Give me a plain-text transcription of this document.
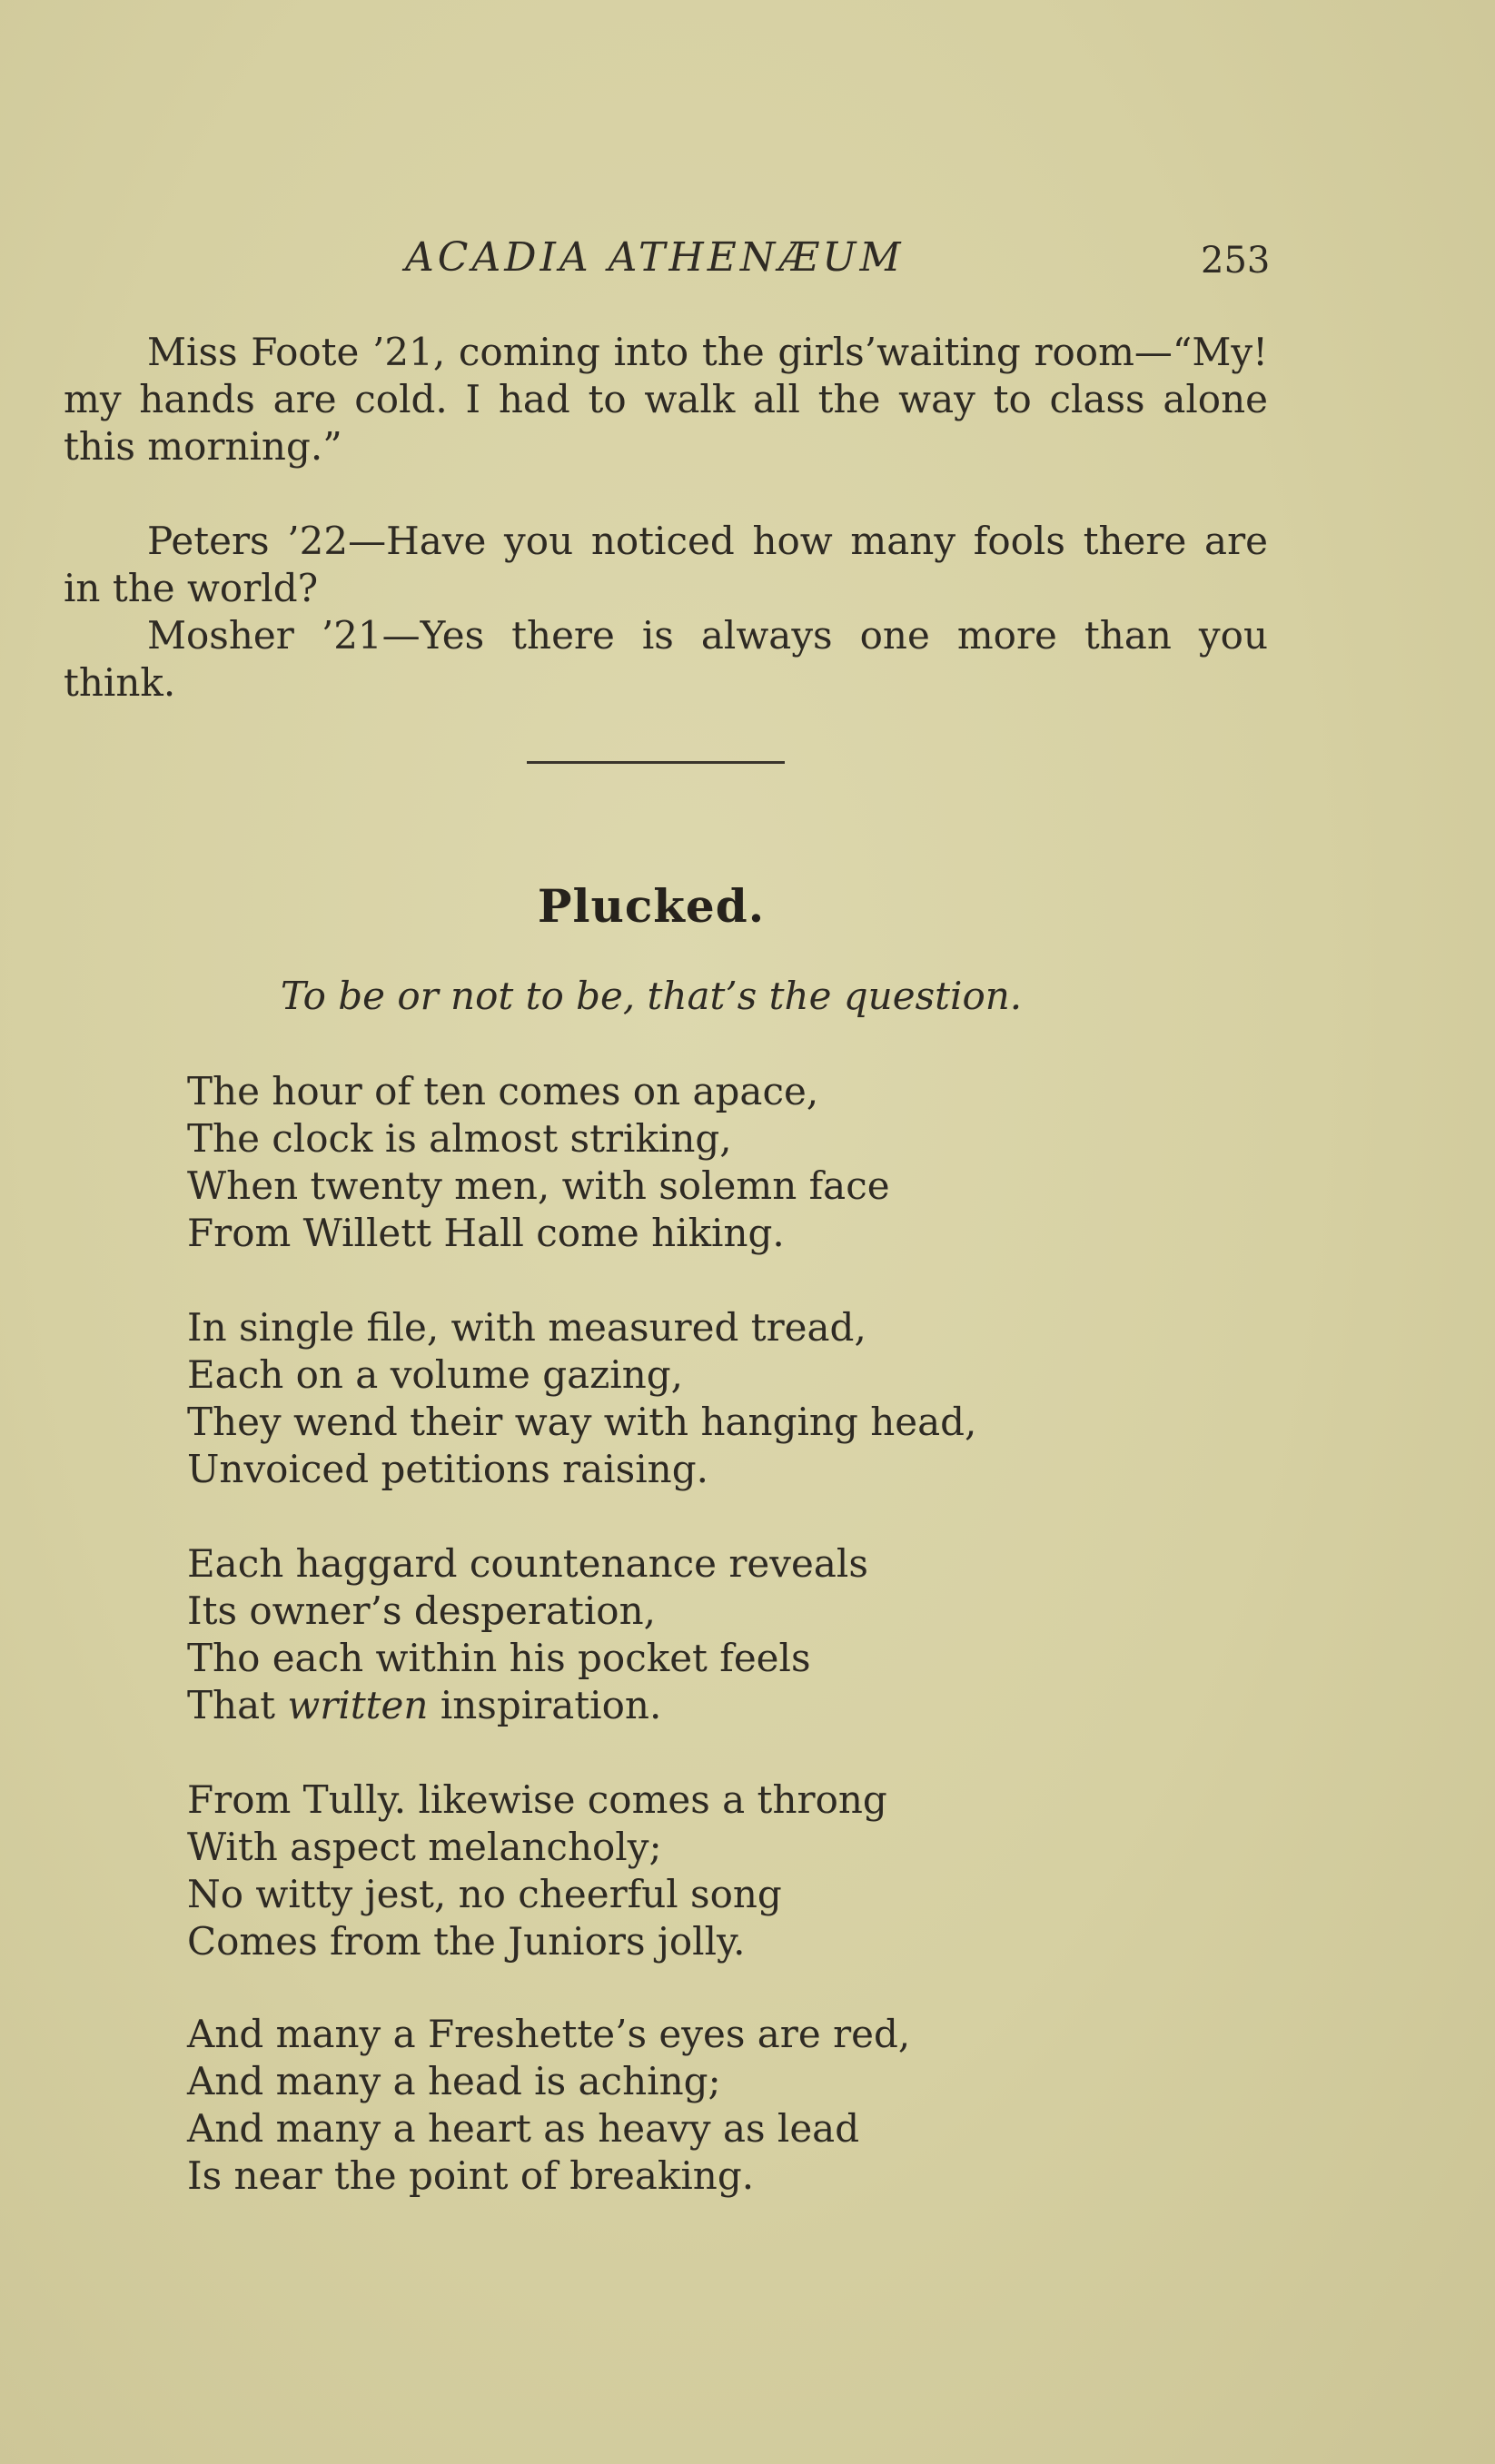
ACADIA ATHENÆUM	253

Miss Foote ’21, coming into the girls’waiting room—“My! my hands are cold. I had to walk all the way to class alone this morning.”

Peters ’22—Have you noticed how many fools there are in the world?

Mosher ’21—Yes there is always one more than you think.

Plucked.
To be or not to be, that’s the question.
The hour of ten comes on apace,
The clock is almost striking,
When twenty men, with solemn face
From Willett Hall come hiking.
In single file, with measured tread,
Each on a volume gazing,
They wend their way with hanging head,
Unvoiced petitions raising.
Each haggard countenance reveals
Its owner’s desperation,
Tho each within his pocket feels
That written inspiration.
From Tully. likewise comes a throng
With aspect melancholy;
No witty jest, no cheerful song
Comes from the Juniors jolly.
And many a Freshette’s eyes are red,
And many a head is aching;
And many a heart as heavy as lead
Is near the point of breaking.
